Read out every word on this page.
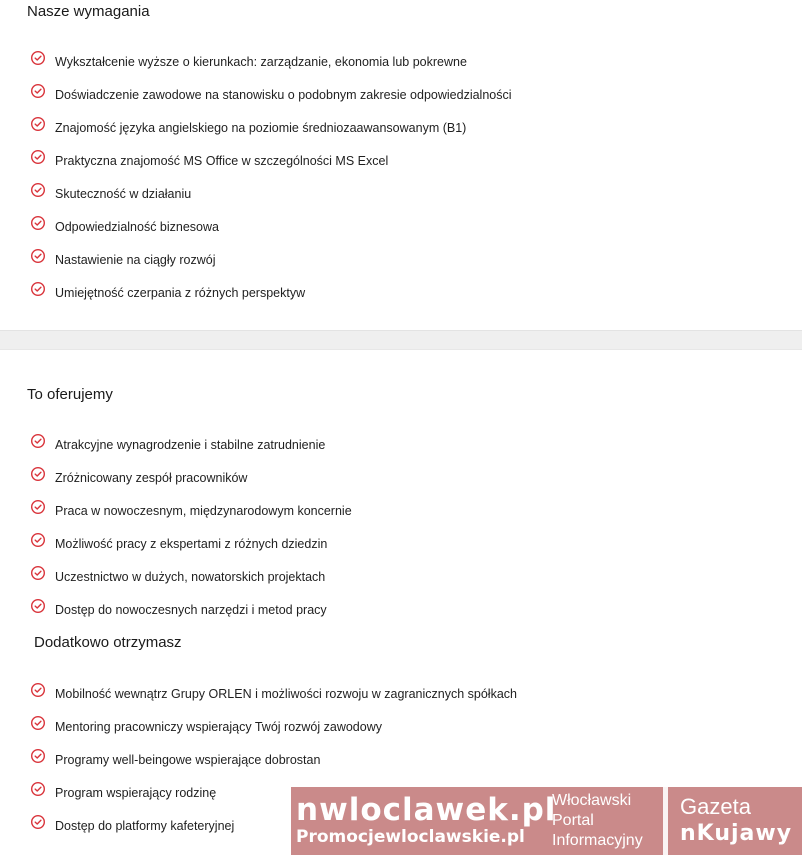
Nasze wymagania
Wykształcenie wyższe o kierunkach: zarządzanie, ekonomia lub pokrewne
Doświadczenie zawodowe na stanowisku o podobnym zakresie odpowiedzialności
Znajomość języka angielskiego na poziomie średniozaawansowanym (B1)
Praktyczna znajomość MS Office w szczególności MS Excel
Skuteczność w działaniu
Odpowiedzialność biznesowa
Nastawienie na ciągły rozwój
Umiejętność czerpania z różnych perspektyw
To oferujemy
Atrakcyjne wynagrodzenie i stabilne zatrudnienie
Zróżnicowany zespół pracowników
Praca w nowoczesnym, międzynarodowym koncernie
Możliwość pracy z ekspertami z różnych dziedzin
Uczestnictwo w dużych, nowatorskich projektach
Dostęp do nowoczesnych narzędzi i metod pracy
Dodatkowo otrzymasz
Mobilność wewnątrz Grupy ORLEN i możliwości rozwoju w zagranicznych spółkach
Mentoring pracowniczy wspierający Twój rozwój zawodowy
Programy well-beingowe wspierające dobrostan
Program wspierający rodzinę
Dostęp do platformy kafeteryjnej	nwloclawek.pl
Promocjewloclawskie.pl
Włocławski
Portal
Informacyjny
Gazeta
nKujawy
